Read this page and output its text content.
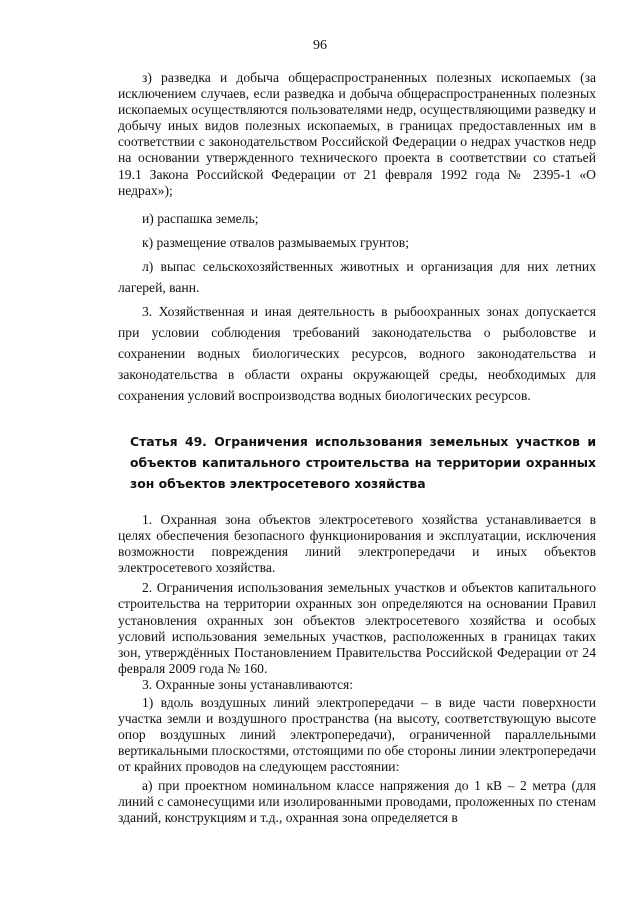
96

з) разведка и добыча общераспространенных полезных ископаемых (за исключением случаев, если разведка и добыча общераспространенных полезных ископаемых осуществляются пользователями недр, осуществляющими разведку и добычу иных видов полезных ископаемых, в границах предоставленных им в соответствии с законодательством Российской Федерации о недрах участков недр на основании утвержденного технического проекта в соответствии со статьей 19.1 Закона Российской Федерации от 21 февраля 1992 года № 2395-1 «О недрах»);

и) распашка земель;

к) размещение отвалов размываемых грунтов;

л) выпас сельскохозяйственных животных и организация для них летних лагерей, ванн.

3. Хозяйственная и иная деятельность в рыбоохранных зонах допускается при условии соблюдения требований законодательства о рыболовстве и сохранении водных биологических ресурсов, водного законодательства и законодательства в области охраны окружающей среды, необходимых для сохранения условий воспроизводства водных биологических ресурсов.

Статья 49. Ограничения использования земельных участков и объектов капитального строительства на территории охранных зон объектов электросетевого хозяйства

1. Охранная зона объектов электросетевого хозяйства устанавливается в целях обеспечения безопасного функционирования и эксплуатации, исключения возможности повреждения линий электропередачи и иных объектов электросетевого хозяйства.

2. Ограничения использования земельных участков и объектов капитального строительства на территории охранных зон определяются на основании Правил установления охранных зон объектов электросетевого хозяйства и особых условий использования земельных участков, расположенных в границах таких зон, утверждённых Постановлением Правительства Российской Федерации от 24 февраля 2009 года № 160.

3. Охранные зоны устанавливаются:

1) вдоль воздушных линий электропередачи – в виде части поверхности участка земли и воздушного пространства (на высоту, соответствующую высоте опор воздушных линий электропередачи), ограниченной параллельными вертикальными плоскостями, отстоящими по обе стороны линии электропередачи от крайних проводов на следующем расстоянии:

а) при проектном номинальном классе напряжения до 1 кВ – 2 метра (для линий с самонесущими или изолированными проводами, проложенных по стенам зданий, конструкциям и т.д., охранная зона определяется в
